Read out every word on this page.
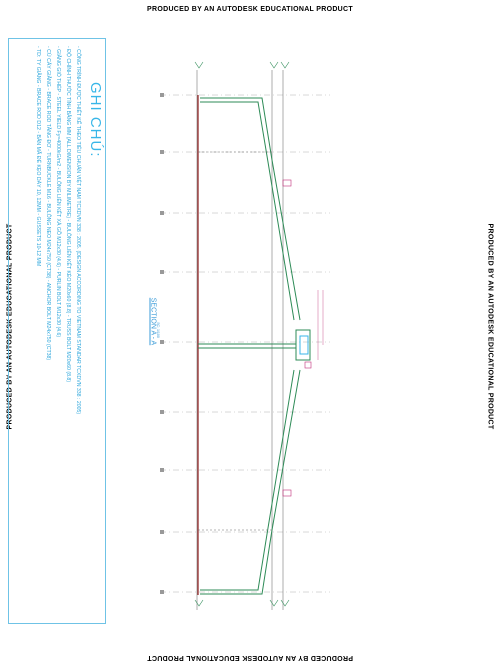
PRODUCED BY AN AUTODESK EDUCATIONAL PRODUCT
PRODUCED BY AN AUTODESK EDUCATIONAL PRODUCT
PRODUCED BY AN AUTODESK EDUCATIONAL PRODUCT	PRODUCED BY AN AUTODESK EDUCATIONAL PRODUCT
GHI CHÚ:
- CÔNG TRÌNH ĐƯỢC THIẾT KẾ THEO TIÊU CHUẨN VIỆT NAM TCXDVN 338 : 2005. (DESIGN ACCORDING TO VIETNAM STANDAR TCXDVN 338 : 2005)
- ĐỘ CHÍNH THƯỚC TÍNH BẰNG MM (ALL DIMENSION BY MILIMETRE) - BULÔNG LIÊN KẾT KÈO M20x60 (8.8) - TRUSS BOLT M20x60 (8.8)
- GIẰNG GIÓ THÉP - STEEL YIELD Fy=4000kG/m2 - BULÔNG LIÊN KẾT XÀ GỒ M12x30 (4.6) - PURLIN BOLT M12x30 (4.6)
- CÙ CÂY GIẰNG - BRACE ROD TĂNG ĐƠ - TURNBUCKLE M16 - BULÔNG NEO M24x750 (CT38) - ANCHOR BOLT M24x750 (CT38)
- TD: TY GIẰNG - BRACE ROD D12 - BẢN MÃ ĐỂ KẸO DÀY 10, 12MM - GUSSETS 10-12 MM
SECTION A - A SC: 1/100
